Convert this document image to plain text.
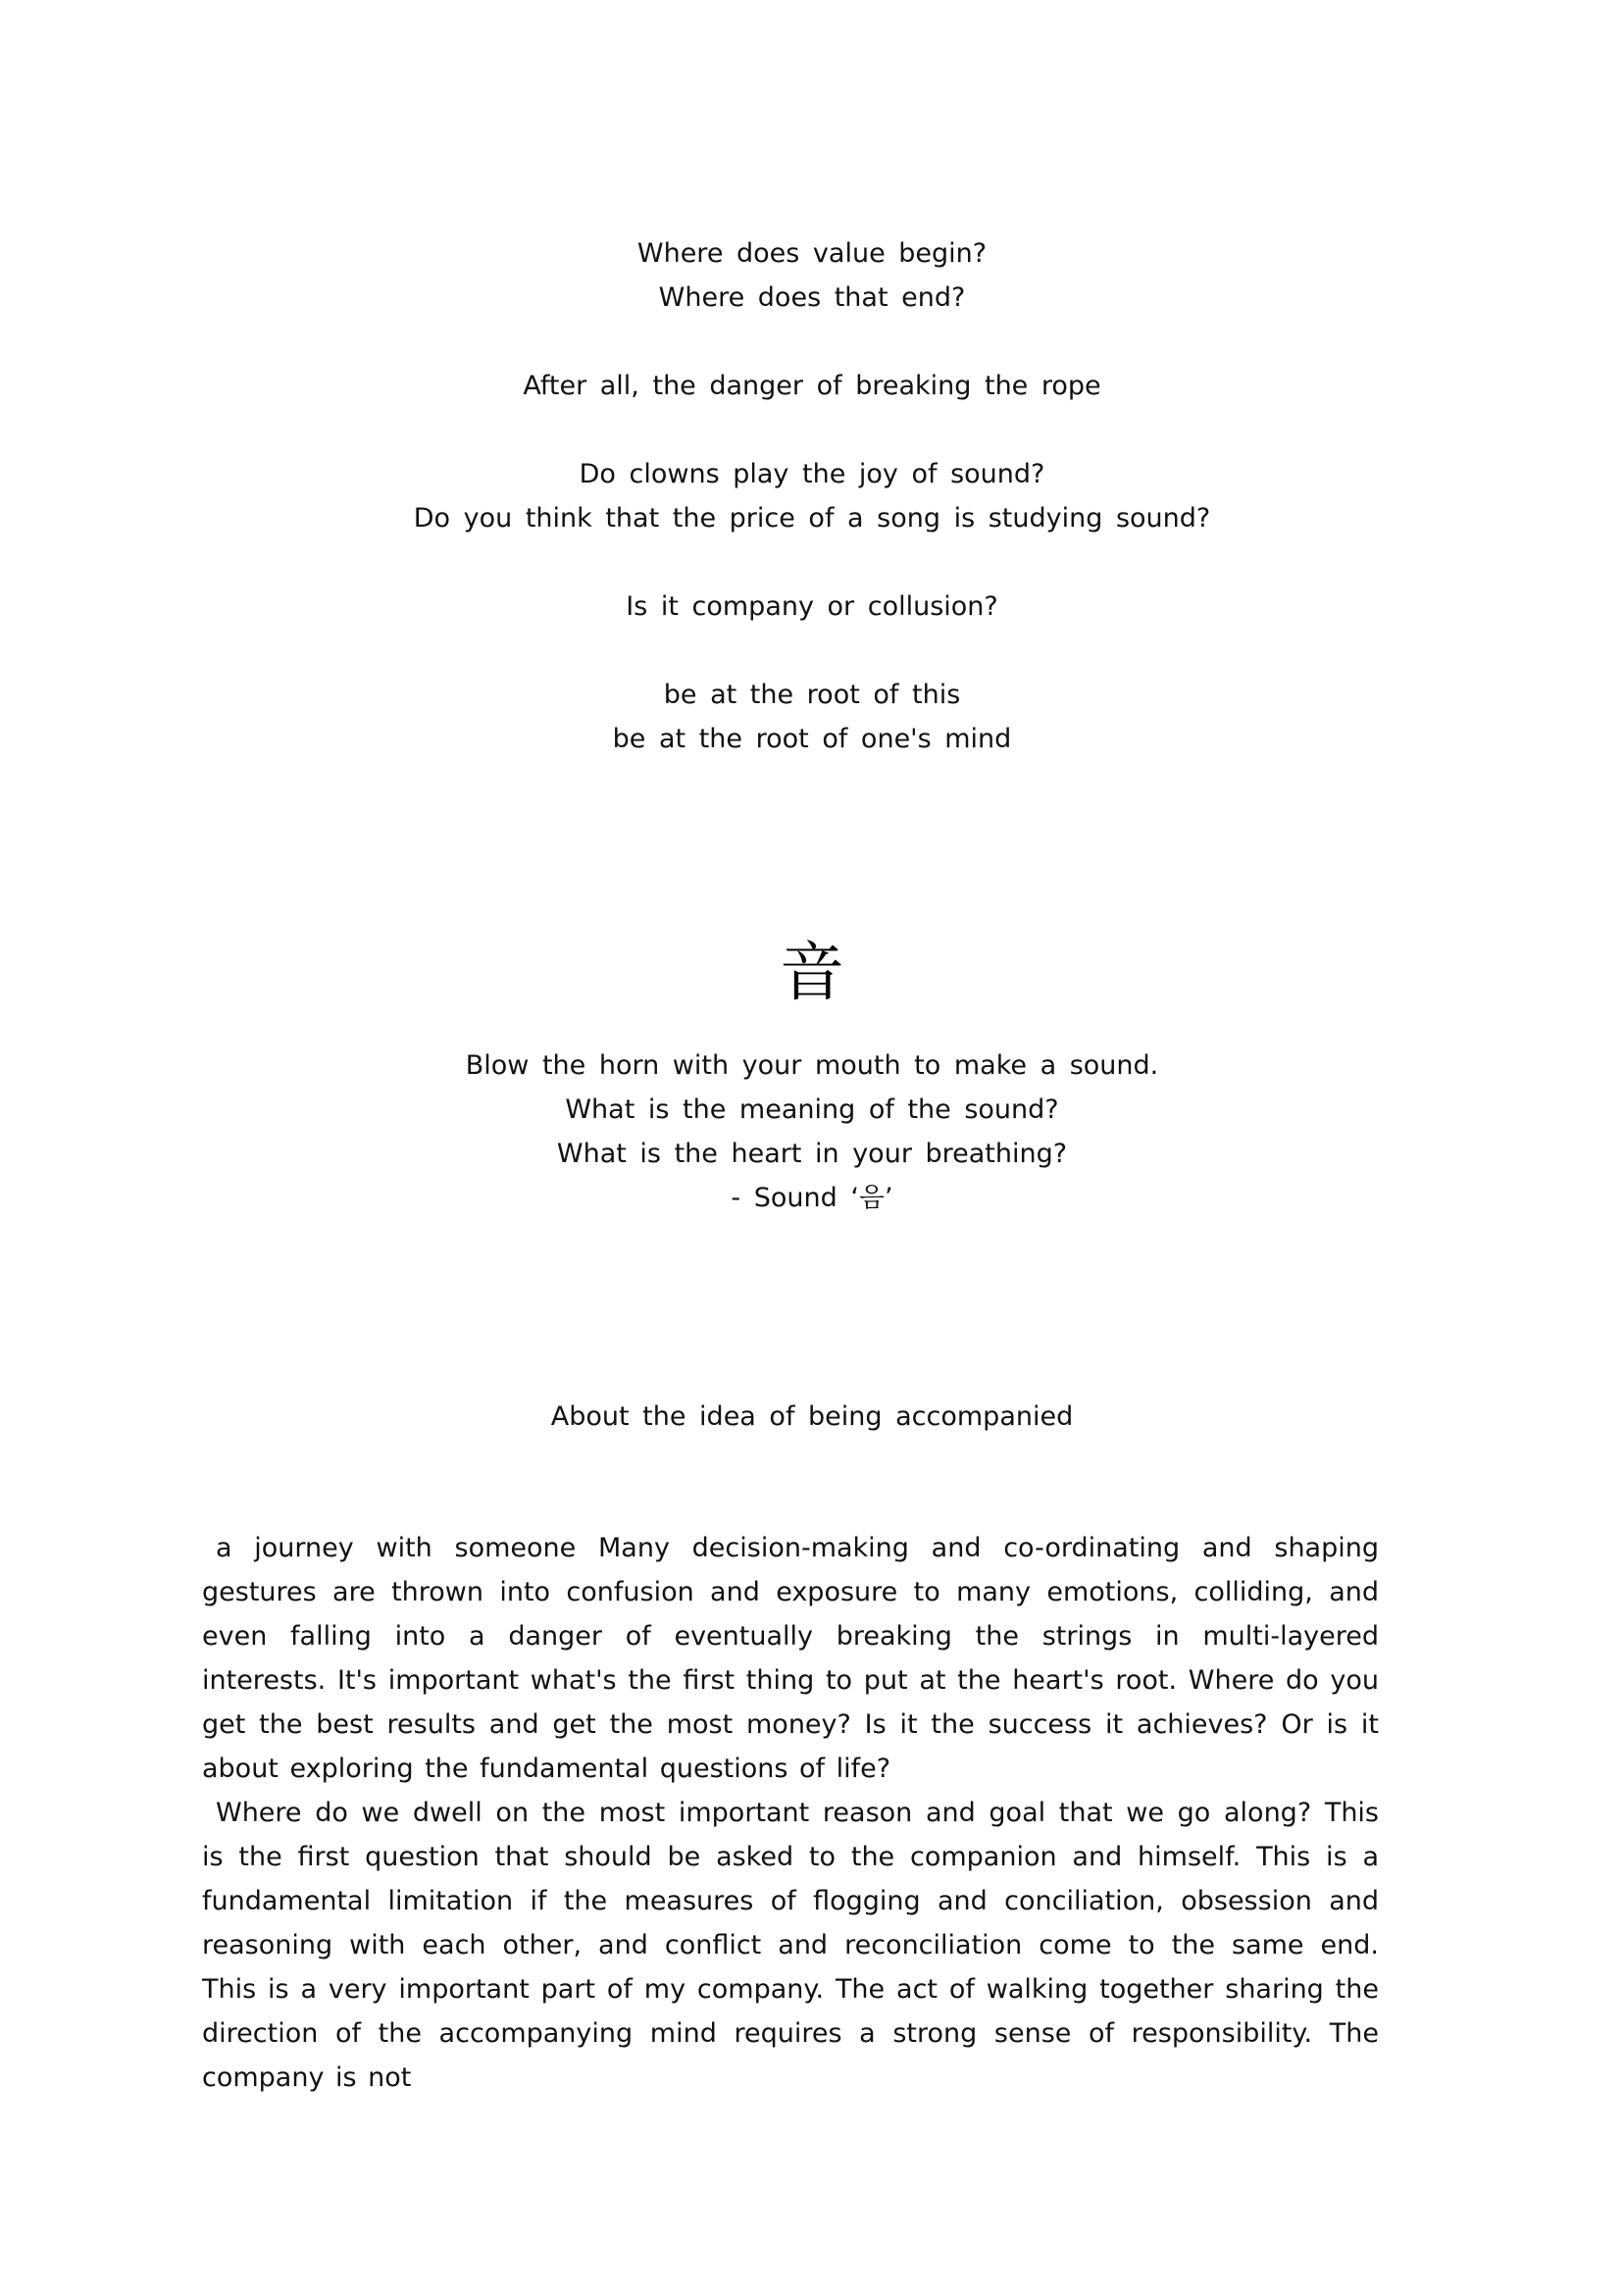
Where does value begin?
Where does that end?
After all, the danger of breaking the rope
Do clowns play the joy of sound?
Do you think that the price of a song is studying sound?
Is it company or collusion?
be at the root of this
be at the root of one's mind
音
Blow the horn with your mouth to make a sound.
What is the meaning of the sound?
What is the heart in your breathing?
- Sound ‘음’
About the idea of being accompanied

a journey with someone Many decision-making and co-ordinating and shaping gestures are thrown into confusion and exposure to many emotions, colliding, and even falling into a danger of eventually breaking the strings in multi-layered interests. It's important what's the first thing to put at the heart's root. Where do you get the best results and get the most money? Is it the success it achieves? Or is it about exploring the fundamental questions of life?

Where do we dwell on the most important reason and goal that we go along? This is the first question that should be asked to the companion and himself. This is a fundamental limitation if the measures of flogging and conciliation, obsession and reasoning with each other, and conflict and reconciliation come to the same end. This is a very important part of my company. The act of walking together sharing the direction of the accompanying mind requires a strong sense of responsibility. The company is not
